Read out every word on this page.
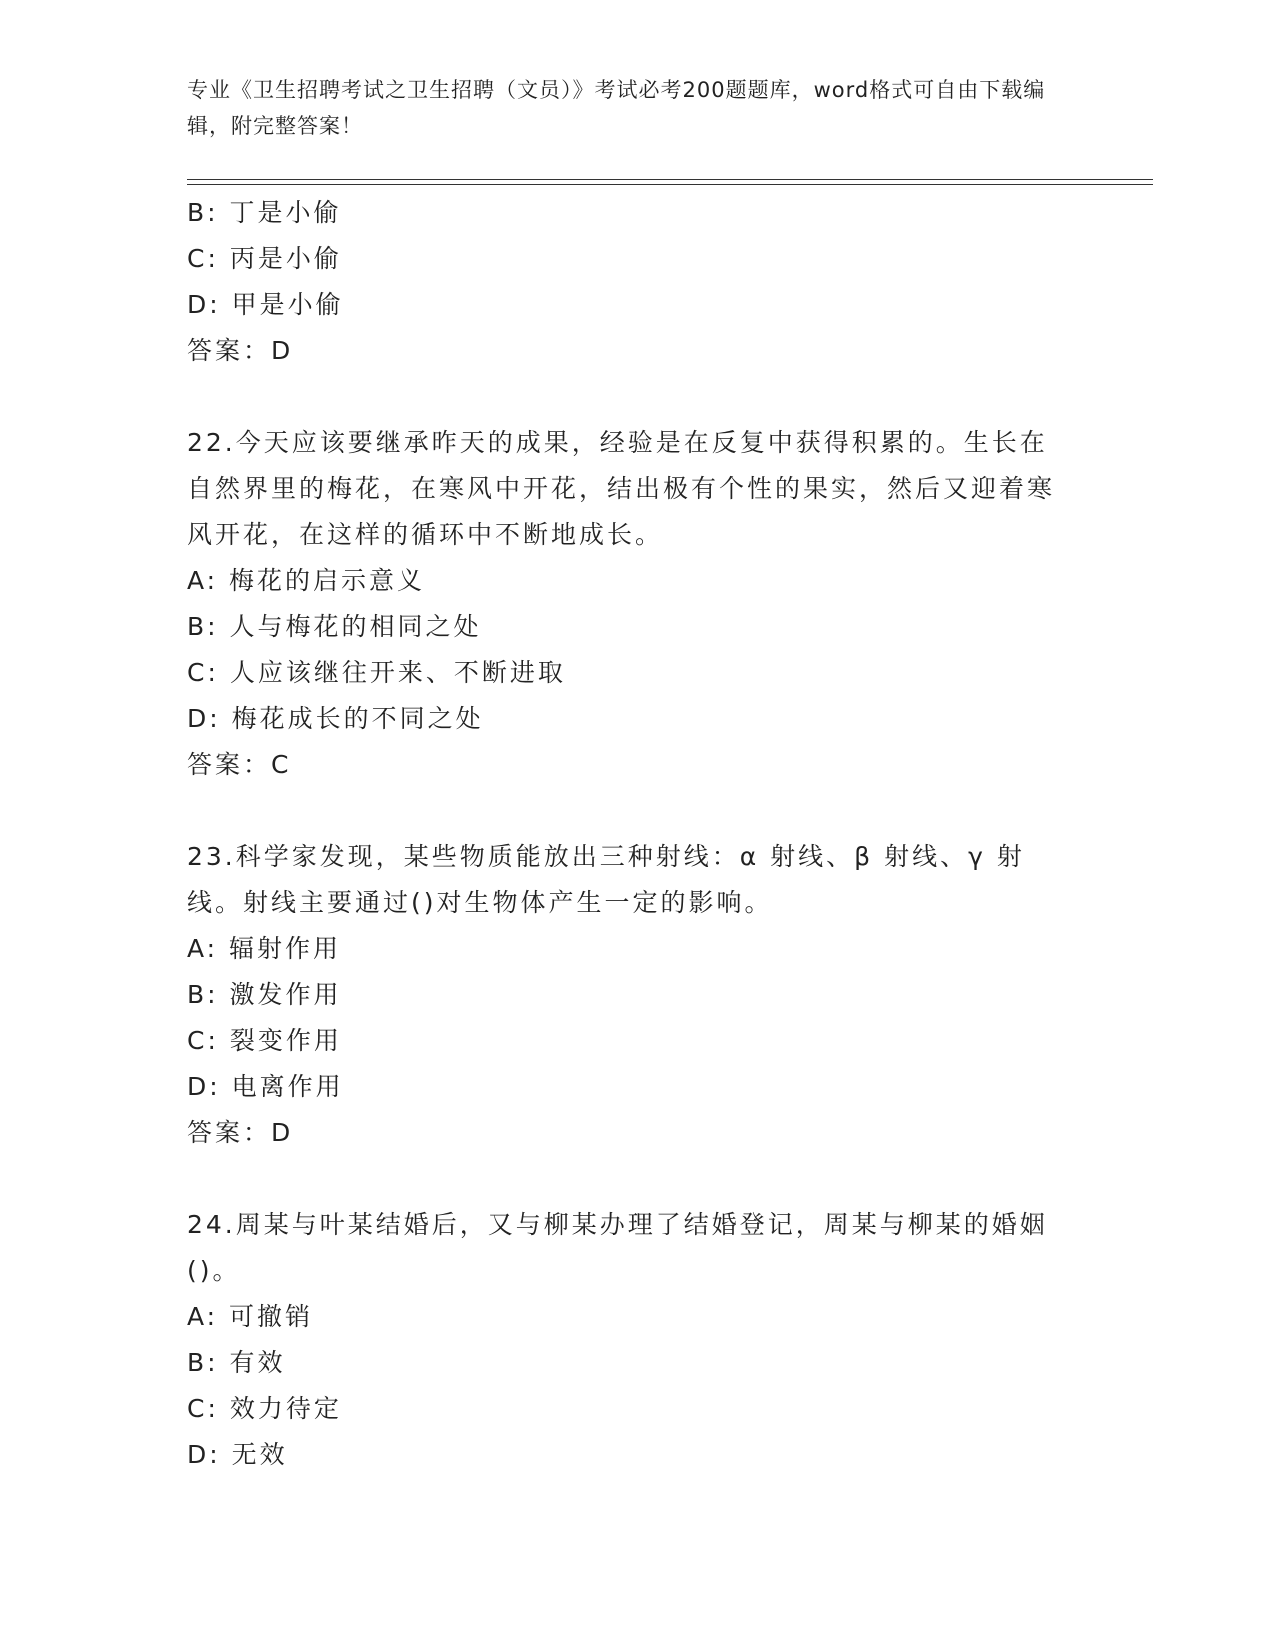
专业《卫生招聘考试之卫生招聘（文员）》考试必考200题题库，word格式可自由下载编辑，附完整答案！
B: 丁是小偷
C: 丙是小偷
D: 甲是小偷
答案：D
22.今天应该要继承昨天的成果，经验是在反复中获得积累的。生长在自然界里的梅花，在寒风中开花，结出极有个性的果实，然后又迎着寒风开花，在这样的循环中不断地成长。
A: 梅花的启示意义
B: 人与梅花的相同之处
C: 人应该继往开来、不断进取
D: 梅花成长的不同之处
答案：C
23.科学家发现，某些物质能放出三种射线：α 射线、β 射线、γ 射线。射线主要通过()对生物体产生一定的影响。
A: 辐射作用
B: 激发作用
C: 裂变作用
D: 电离作用
答案：D
24.周某与叶某结婚后，又与柳某办理了结婚登记，周某与柳某的婚姻()。
A: 可撤销
B: 有效
C: 效力待定
D: 无效
